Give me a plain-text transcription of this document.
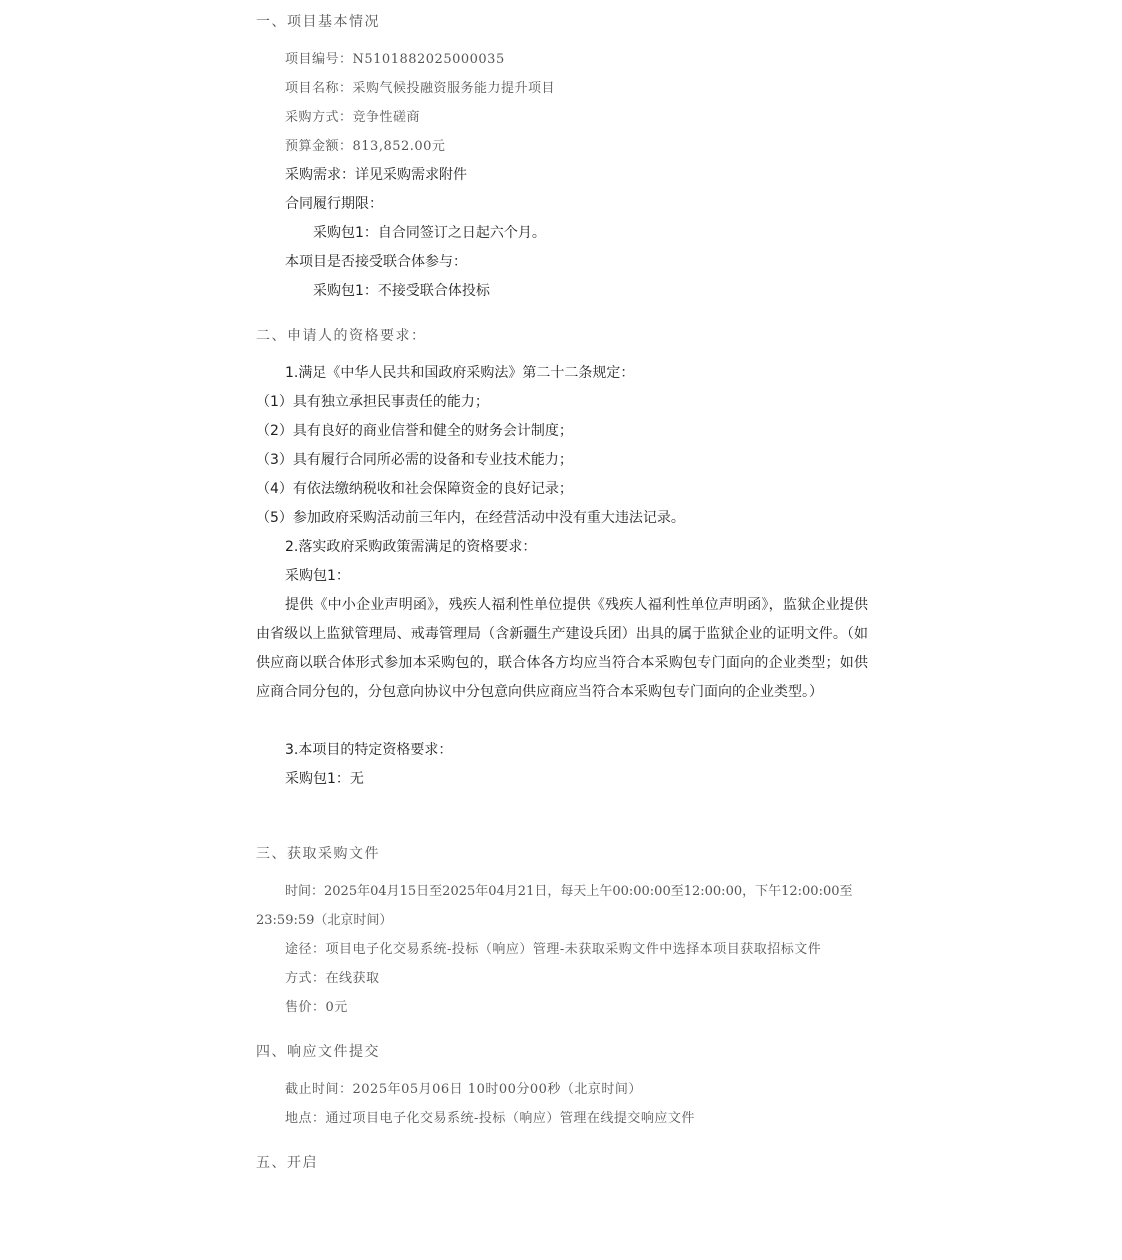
一、项目基本情况
项目编号：N5101882025000035
项目名称：采购气候投融资服务能力提升项目
采购方式：竞争性磋商
预算金额：813,852.00元
采购需求：详见采购需求附件
合同履行期限：
采购包1：自合同签订之日起六个月。
本项目是否接受联合体参与：
采购包1：不接受联合体投标
二、申请人的资格要求：
1.满足《中华人民共和国政府采购法》第二十二条规定：
（1）具有独立承担民事责任的能力；
（2）具有良好的商业信誉和健全的财务会计制度；
（3）具有履行合同所必需的设备和专业技术能力；
（4）有依法缴纳税收和社会保障资金的良好记录；
（5）参加政府采购活动前三年内，在经营活动中没有重大违法记录。
2.落实政府采购政策需满足的资格要求：
采购包1：
提供《中小企业声明函》，残疾人福利性单位提供《残疾人福利性单位声明函》，监狱企业提供由省级以上监狱管理局、戒毒管理局（含新疆生产建设兵团）出具的属于监狱企业的证明文件。（如供应商以联合体形式参加本采购包的，联合体各方均应当符合本采购包专门面向的企业类型；如供应商合同分包的，分包意向协议中分包意向供应商应当符合本采购包专门面向的企业类型。）
3.本项目的特定资格要求：
采购包1：无
三、获取采购文件
时间：2025年04月15日至2025年04月21日，每天上午00:00:00至12:00:00，下午12:00:00至23:59:59（北京时间）
途径：项目电子化交易系统-投标（响应）管理-未获取采购文件中选择本项目获取招标文件
方式：在线获取
售价：0元
四、响应文件提交
截止时间：2025年05月06日 10时00分00秒（北京时间）
地点：通过项目电子化交易系统-投标（响应）管理在线提交响应文件
五、开启
